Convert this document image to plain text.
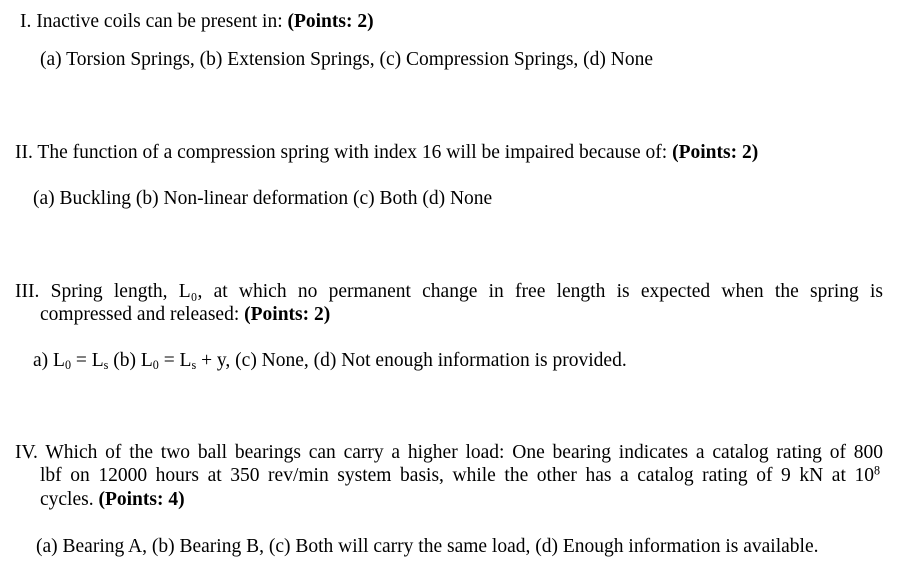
I. Inactive coils can be present in: (Points: 2)
(a) Torsion Springs, (b) Extension Springs, (c) Compression Springs, (d) None
II. The function of a compression spring with index 16 will be impaired because of: (Points: 2)
(a) Buckling (b) Non-linear deformation (c) Both (d) None
III. Spring length, L₀, at which no permanent change in free length is expected when the spring is
compressed and released: (Points: 2)
a) $L_0 = L_s$ (b) $L_0 = L_s + y$, (c) None, (d) Not enough information is provided.
IV. Which of the two ball bearings can carry a higher load: One bearing indicates a catalog rating of 800
lbf on 12000 hours at 350 rev/min system basis, while the other has a catalog rating of 9 kN at $10^8$
cycles. (Points: 4)
(a) Bearing A, (b) Bearing B, (c) Both will carry the same load, (d) Enough information is available.
